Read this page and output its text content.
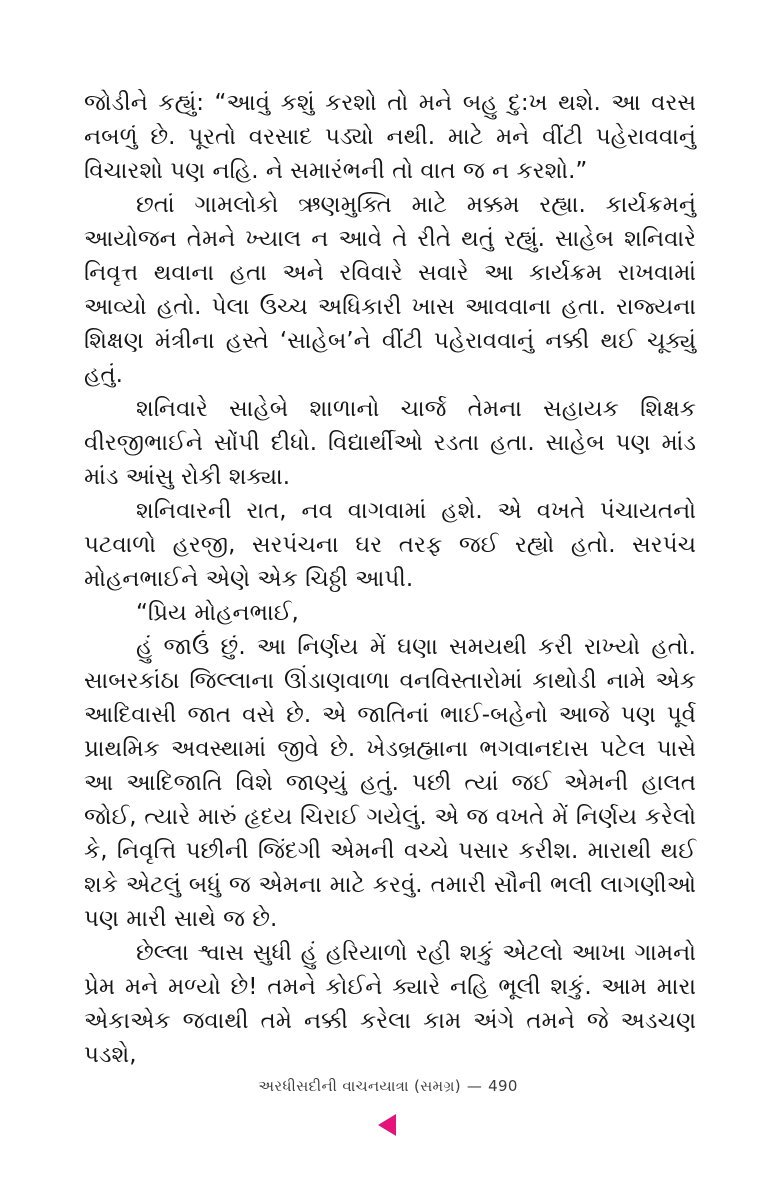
જોડીને કહ્યું: “આવું કશું કરશો તો મને બહુ દુ:ખ થશે. આ વરસ નબળું છે. પૂરતો વરસાદ પડ્યો નથી. માટે મને વીંટી પહેરાવવાનું વિચારશો પણ નહિ. ને સમારંભની તો વાત જ ન કરશો.”

છતાં ગામલોકો ઋણમુક્તિ માટે મક્કમ રહ્યા. કાર્યક્રમનું આયોજન તેમને ખ્યાલ ન આવે તે રીતે થતું રહ્યું. સાહેબ શનિવારે નિવૃત્ત થવાના હતા અને રવિવારે સવારે આ કાર્યક્રમ રાખવામાં આવ્યો હતો. પેલા ઉચ્ચ અધિકારી ખાસ આવવાના હતા. રાજ્યના શિક્ષણ મંત્રીના હસ્તે ‘સાહેબ’ને વીંટી પહેરાવવાનું નક્કી થઈ ચૂક્યું હતું.

શનિવારે સાહેબે શાળાનો ચાર્જ તેમના સહાયક શિક્ષક વીરજીભાઈને સોંપી દીધો. વિદ્યાર્થીઓ રડતા હતા. સાહેબ પણ માંડ માંડ આંસુ રોકી શક્યા.

શનિવારની રાત, નવ વાગવામાં હશે. એ વખતે પંચાયતનો પટવાળો હરજી, સરપંચના ઘર તરફ જઈ રહ્યો હતો. સરપંચ મોહનભાઈને એણે એક ચિઠ્ઠી આપી.

“પ્રિય મોહનભાઈ,

હું જાઉં છું. આ નિર્ણય મેં ઘણા સમયથી કરી રાખ્યો હતો. સાબરકાંઠા જિલ્લાના ઊંડાણવાળા વનવિસ્તારોમાં કાથોડી નામે એક આદિવાસી જાત વસે છે. એ જાતિનાં ભાઈ-બહેનો આજે પણ પૂર્વ પ્રાથમિક અવસ્થામાં જીવે છે. ખેડબ્રહ્માના ભગવાનદાસ પટેલ પાસે આ આદિજાતિ વિશે જાણ્યું હતું. પછી ત્યાં જઈ એમની હાલત જોઈ, ત્યારે મારું હૃદય ચિરાઈ ગયેલું. એ જ વખતે મેં નિર્ણય કરેલો કે, નિવૃત્તિ પછીની જિંદગી એમની વચ્ચે પસાર કરીશ. મારાથી થઈ શકે એટલું બધું જ એમના માટે કરવું. તમારી સૌની ભલી લાગણીઓ પણ મારી સાથે જ છે.

છેલ્લા શ્વાસ સુધી હું હરિયાળો રહી શકું એટલો આખા ગામનો પ્રેમ મને મળ્યો છે! તમને કોઈને ક્યારે નહિ ભૂલી શકું. આમ મારા એકાએક જવાથી તમે નક્કી કરેલા કામ અંગે તમને જે અડચણ પડશે,

અરધીસદીની વાચનયાત્રા (સમગ્ર) — 490
